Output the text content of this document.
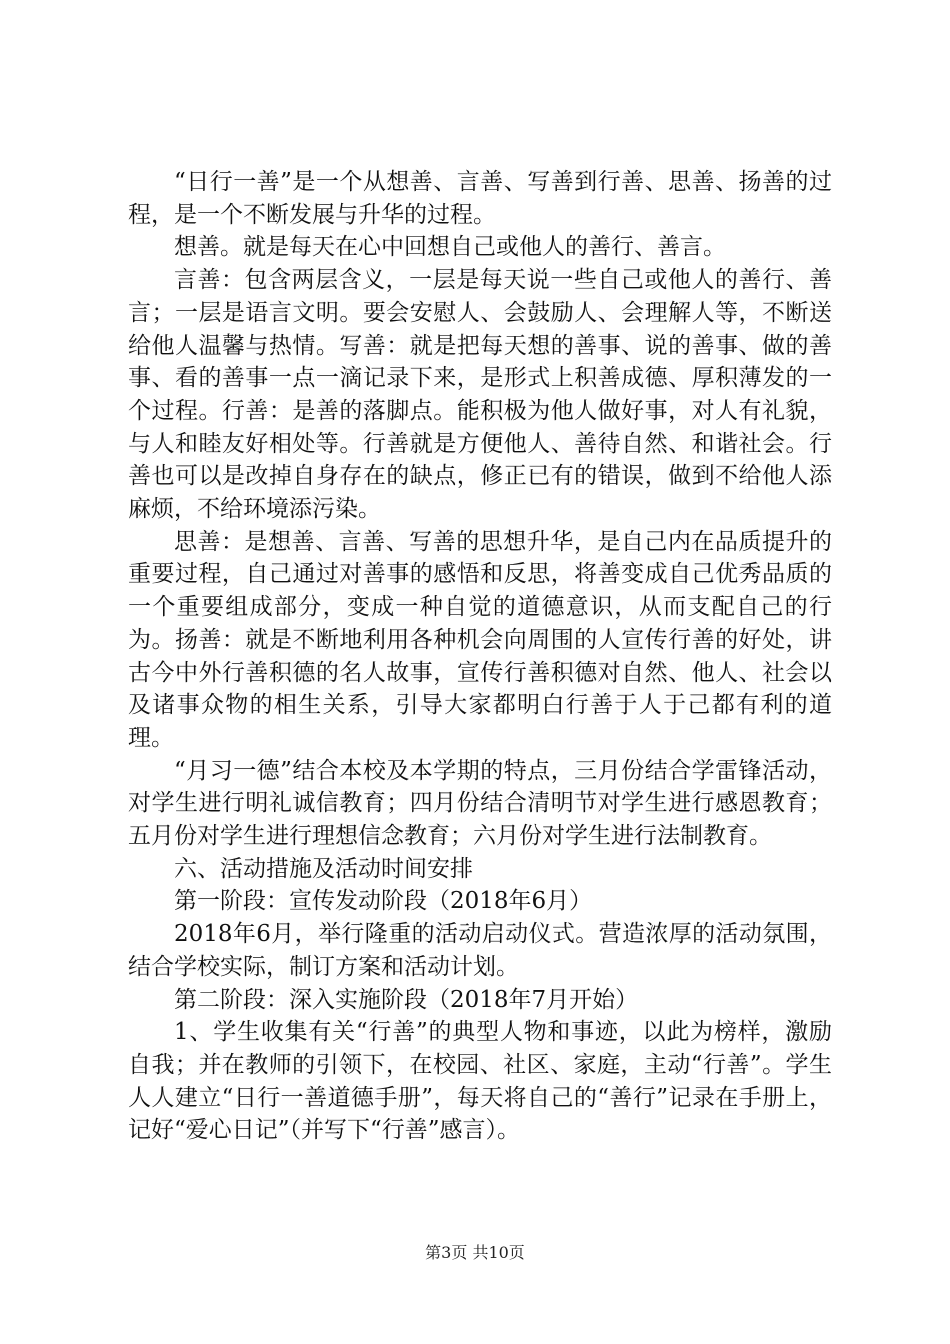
“日行一善”是一个从想善、言善、写善到行善、思善、扬善的过程，是一个不断发展与升华的过程。

想善。就是每天在心中回想自己或他人的善行、善言。

言善：包含两层含义，一层是每天说一些自己或他人的善行、善言；一层是语言文明。要会安慰人、会鼓励人、会理解人等，不断送给他人温馨与热情。写善：就是把每天想的善事、说的善事、做的善事、看的善事一点一滴记录下来，是形式上积善成德、厚积薄发的一个过程。行善：是善的落脚点。能积极为他人做好事，对人有礼貌，与人和睦友好相处等。行善就是方便他人、善待自然、和谐社会。行善也可以是改掉自身存在的缺点，修正已有的错误，做到不给他人添麻烦，不给环境添污染。

思善：是想善、言善、写善的思想升华，是自己内在品质提升的重要过程，自己通过对善事的感悟和反思，将善变成自己优秀品质的一个重要组成部分，变成一种自觉的道德意识，从而支配自己的行为。扬善：就是不断地利用各种机会向周围的人宣传行善的好处，讲古今中外行善积德的名人故事，宣传行善积德对自然、他人、社会以及诸事众物的相生关系，引导大家都明白行善于人于己都有利的道理。

“月习一德”结合本校及本学期的特点，三月份结合学雷锋活动，对学生进行明礼诚信教育；四月份结合清明节对学生进行感恩教育；五月份对学生进行理想信念教育；六月份对学生进行法制教育。

六、活动措施及活动时间安排

第一阶段：宣传发动阶段（2018年6月）

2018年6月，举行隆重的活动启动仪式。营造浓厚的活动氛围，结合学校实际，制订方案和活动计划。

第二阶段：深入实施阶段（2018年7月开始）

1、学生收集有关“行善”的典型人物和事迹，以此为榜样，激励自我；并在教师的引领下，在校园、社区、家庭，主动“行善”。学生人人建立“日行一善道德手册”，每天将自己的“善行”记录在手册上，记好“爱心日记”（并写下“行善”感言）。

第3页 共10页
